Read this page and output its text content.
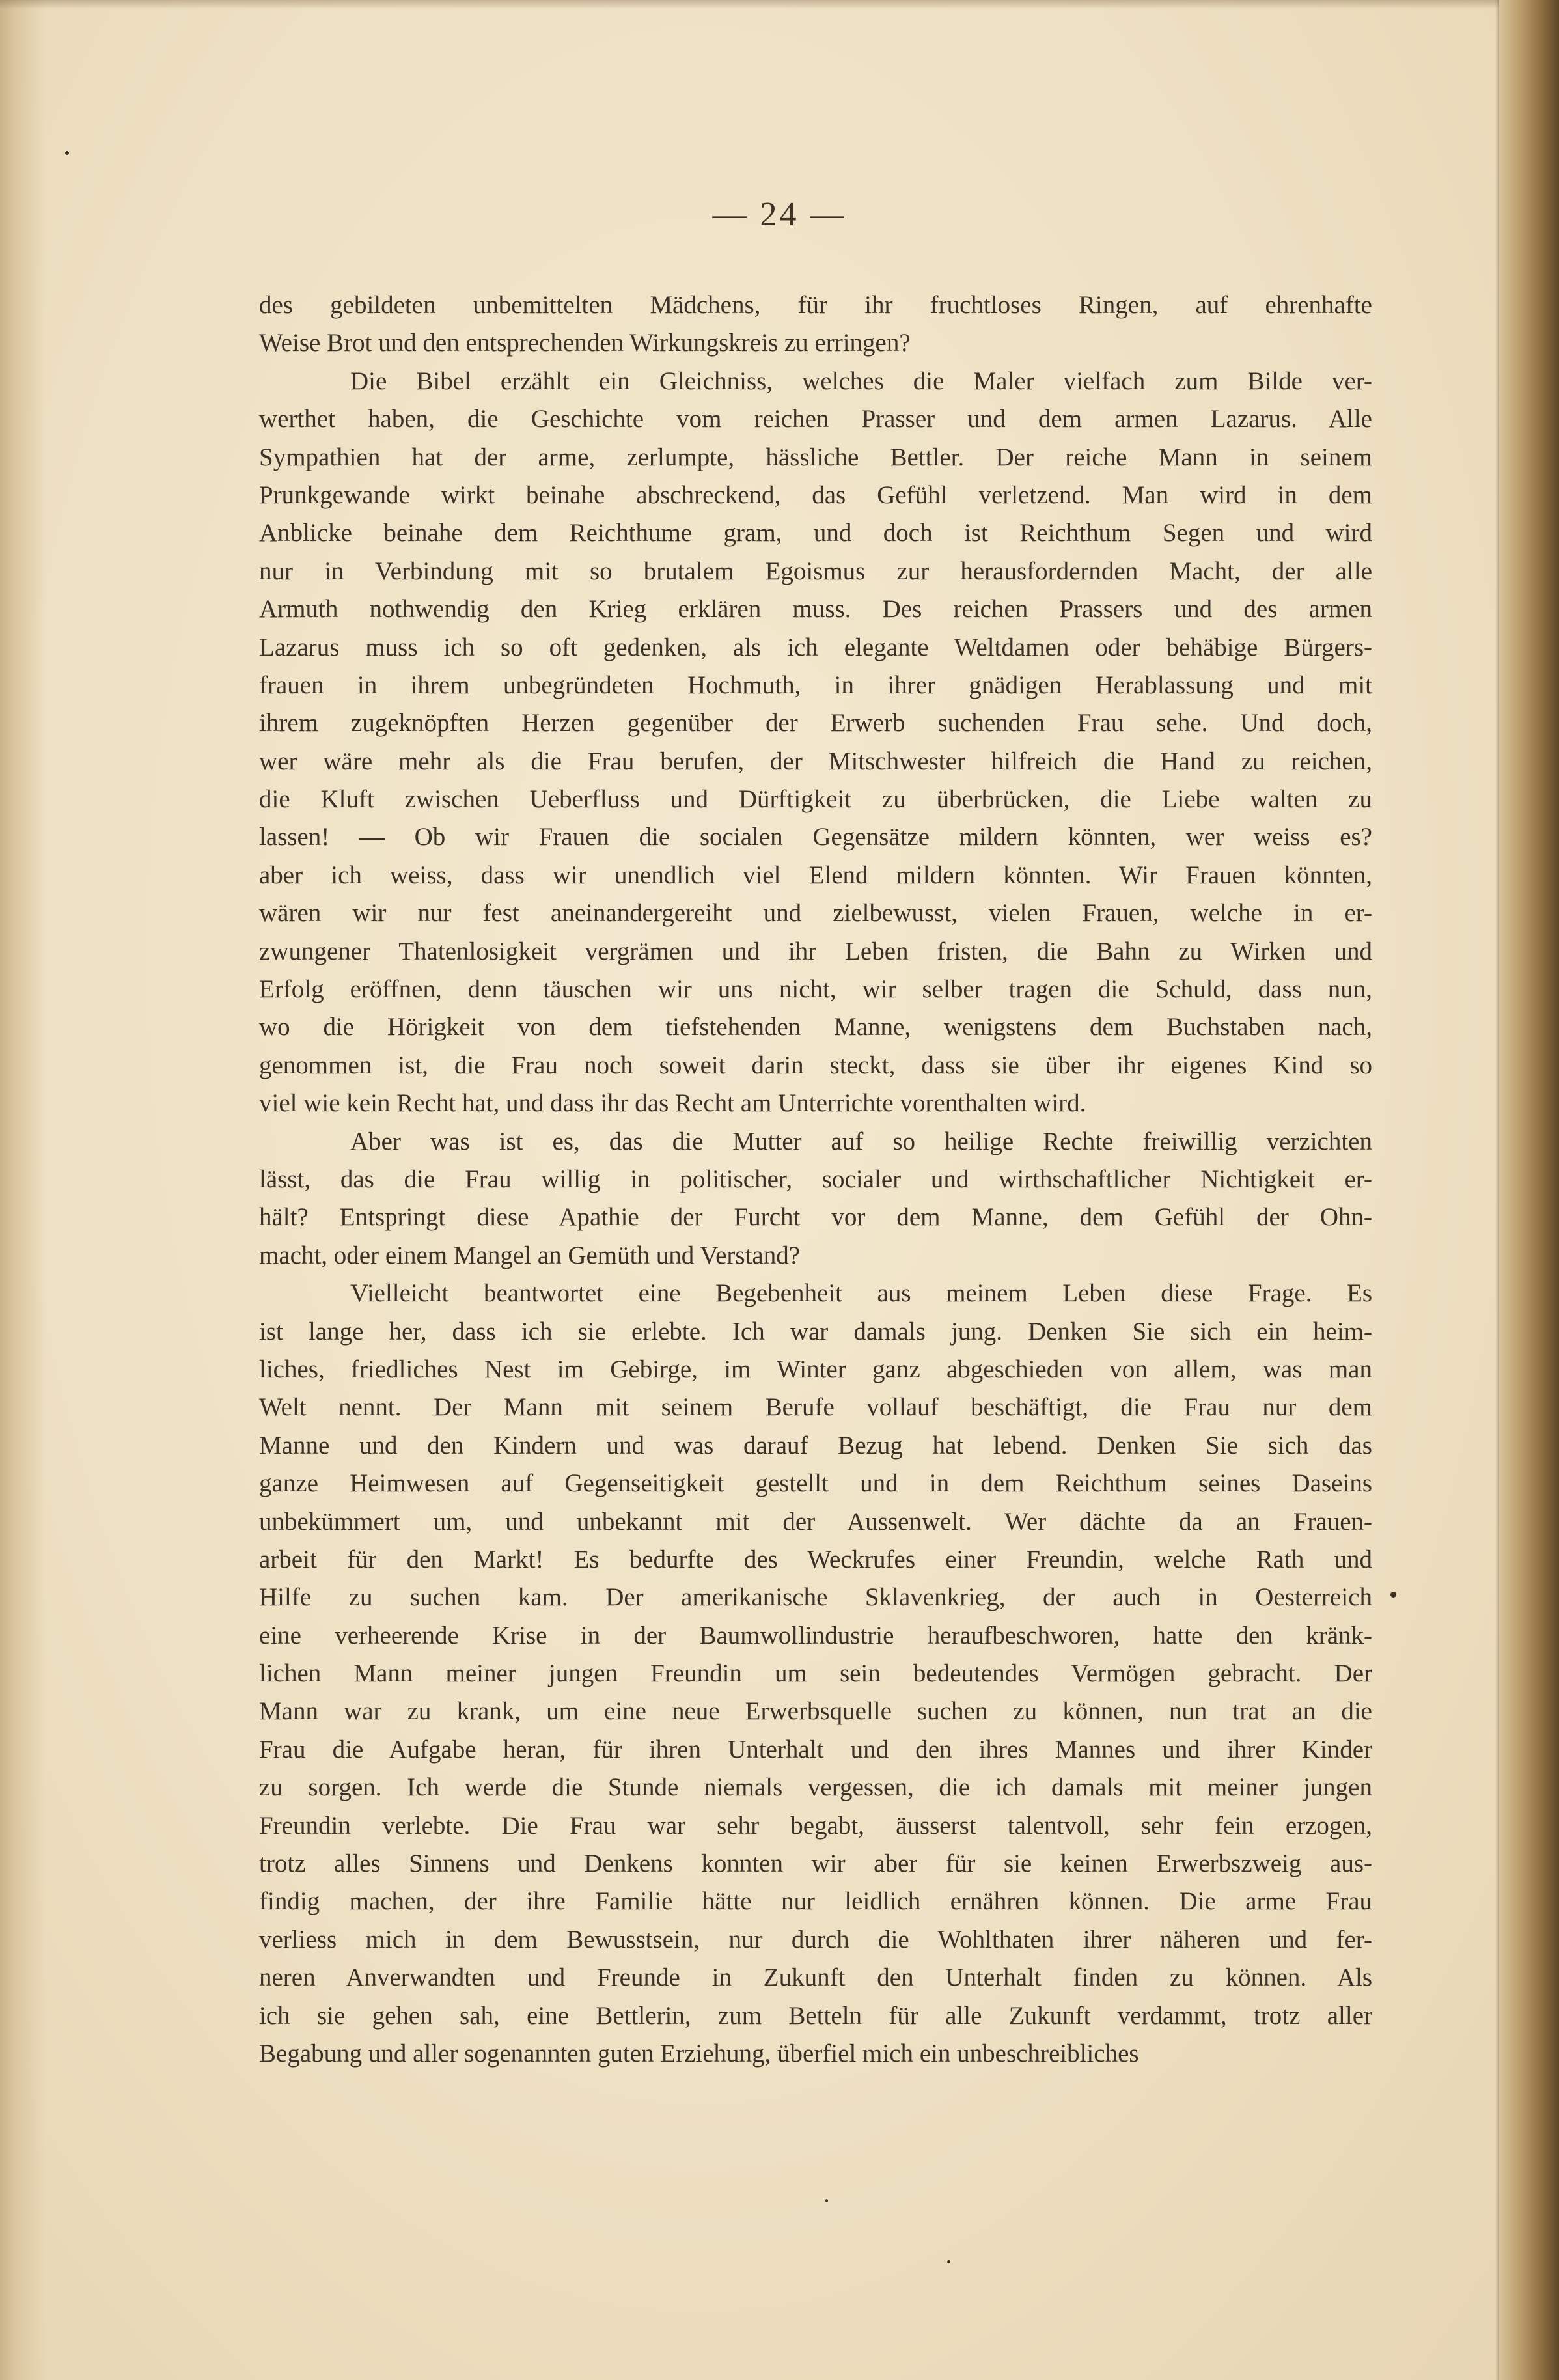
— 24 —
des gebildeten unbemittelten Mädchens, für ihr fruchtloses Ringen, auf ehrenhafte
Weise Brot und den entsprechenden Wirkungskreis zu erringen?
Die Bibel erzählt ein Gleichniss, welches die Maler vielfach zum Bilde ver-
werthet haben, die Geschichte vom reichen Prasser und dem armen Lazarus. Alle
Sympathien hat der arme, zerlumpte, hässliche Bettler. Der reiche Mann in seinem
Prunkgewande wirkt beinahe abschreckend, das Gefühl verletzend. Man wird in dem
Anblicke beinahe dem Reichthume gram, und doch ist Reichthum Segen und wird
nur in Verbindung mit so brutalem Egoismus zur herausfordernden Macht, der alle
Armuth nothwendig den Krieg erklären muss. Des reichen Prassers und des armen
Lazarus muss ich so oft gedenken, als ich elegante Weltdamen oder behäbige Bürgers-
frauen in ihrem unbegründeten Hochmuth, in ihrer gnädigen Herablassung und mit
ihrem zugeknöpften Herzen gegenüber der Erwerb suchenden Frau sehe. Und doch,
wer wäre mehr als die Frau berufen, der Mitschwester hilfreich die Hand zu reichen,
die Kluft zwischen Ueberfluss und Dürftigkeit zu überbrücken, die Liebe walten zu
lassen! — Ob wir Frauen die socialen Gegensätze mildern könnten, wer weiss es?
aber ich weiss, dass wir unendlich viel Elend mildern könnten. Wir Frauen könnten,
wären wir nur fest aneinandergereiht und zielbewusst, vielen Frauen, welche in er-
zwungener Thatenlosigkeit vergrämen und ihr Leben fristen, die Bahn zu Wirken und
Erfolg eröffnen, denn täuschen wir uns nicht, wir selber tragen die Schuld, dass nun,
wo die Hörigkeit von dem tiefstehenden Manne, wenigstens dem Buchstaben nach,
genommen ist, die Frau noch soweit darin steckt, dass sie über ihr eigenes Kind so
viel wie kein Recht hat, und dass ihr das Recht am Unterrichte vorenthalten wird.
Aber was ist es, das die Mutter auf so heilige Rechte freiwillig verzichten
lässt, das die Frau willig in politischer, socialer und wirthschaftlicher Nichtigkeit er-
hält? Entspringt diese Apathie der Furcht vor dem Manne, dem Gefühl der Ohn-
macht, oder einem Mangel an Gemüth und Verstand?
Vielleicht beantwortet eine Begebenheit aus meinem Leben diese Frage. Es
ist lange her, dass ich sie erlebte. Ich war damals jung. Denken Sie sich ein heim-
liches, friedliches Nest im Gebirge, im Winter ganz abgeschieden von allem, was man
Welt nennt. Der Mann mit seinem Berufe vollauf beschäftigt, die Frau nur dem
Manne und den Kindern und was darauf Bezug hat lebend. Denken Sie sich das
ganze Heimwesen auf Gegenseitigkeit gestellt und in dem Reichthum seines Daseins
unbekümmert um, und unbekannt mit der Aussenwelt. Wer dächte da an Frauen-
arbeit für den Markt! Es bedurfte des Weckrufes einer Freundin, welche Rath und
Hilfe zu suchen kam. Der amerikanische Sklavenkrieg, der auch in Oesterreich
eine verheerende Krise in der Baumwollindustrie heraufbeschworen, hatte den kränk-
lichen Mann meiner jungen Freundin um sein bedeutendes Vermögen gebracht. Der
Mann war zu krank, um eine neue Erwerbsquelle suchen zu können, nun trat an die
Frau die Aufgabe heran, für ihren Unterhalt und den ihres Mannes und ihrer Kinder
zu sorgen. Ich werde die Stunde niemals vergessen, die ich damals mit meiner jungen
Freundin verlebte. Die Frau war sehr begabt, äusserst talentvoll, sehr fein erzogen,
trotz alles Sinnens und Denkens konnten wir aber für sie keinen Erwerbszweig aus-
findig machen, der ihre Familie hätte nur leidlich ernähren können. Die arme Frau
verliess mich in dem Bewusstsein, nur durch die Wohlthaten ihrer näheren und fer-
neren Anverwandten und Freunde in Zukunft den Unterhalt finden zu können. Als
ich sie gehen sah, eine Bettlerin, zum Betteln für alle Zukunft verdammt, trotz aller
Begabung und aller sogenannten guten Erziehung, überfiel mich ein unbeschreibliches
